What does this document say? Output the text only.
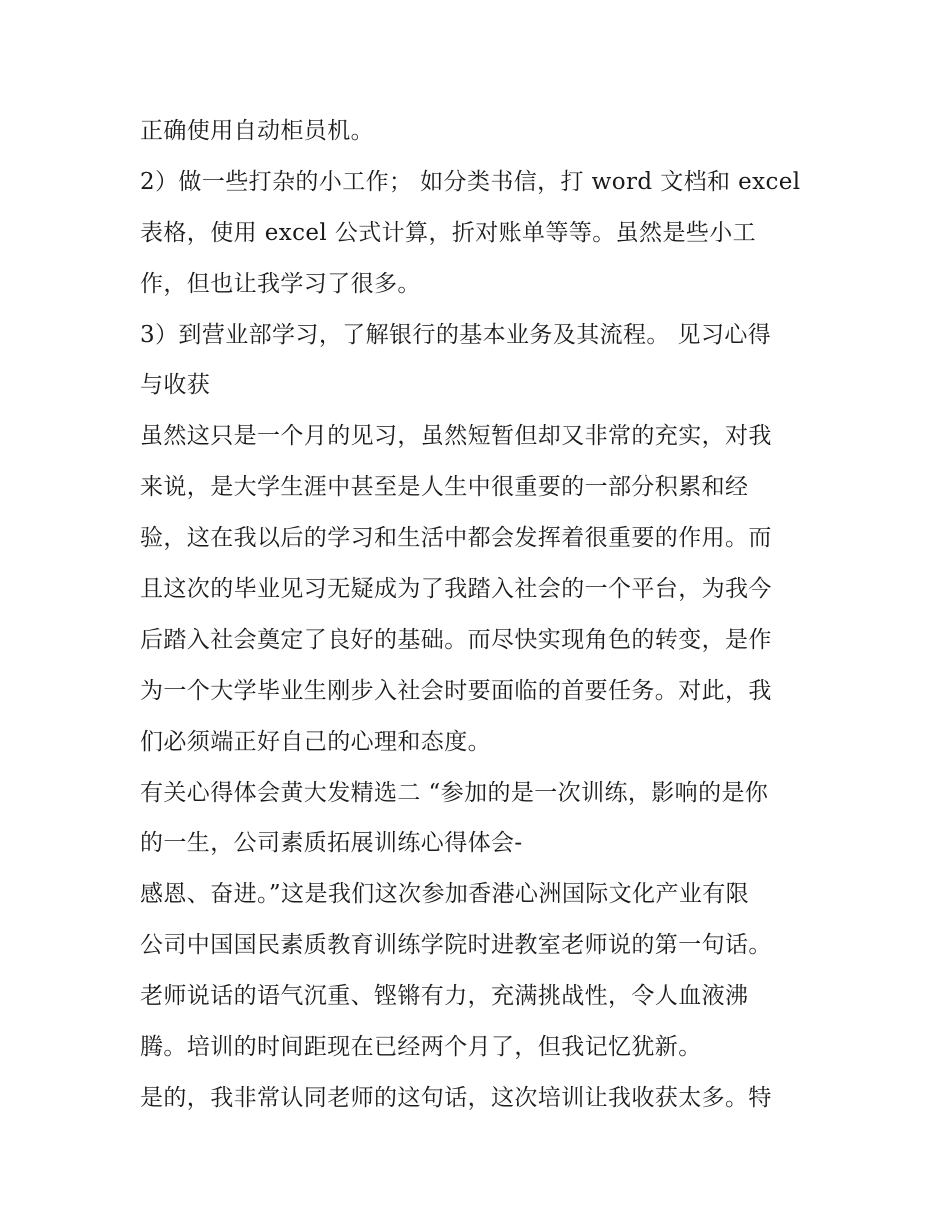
正确使用自动柜员机。
2）做一些打杂的小工作； 如分类书信，打 word 文档和 excel
表格，使用 excel 公式计算，折对账单等等。虽然是些小工
作，但也让我学习了很多。
3）到营业部学习，了解银行的基本业务及其流程。 见习心得
与收获
虽然这只是一个月的见习，虽然短暂但却又非常的充实，对我
来说，是大学生涯中甚至是人生中很重要的一部分积累和经
验，这在我以后的学习和生活中都会发挥着很重要的作用。而
且这次的毕业见习无疑成为了我踏入社会的一个平台，为我今
后踏入社会奠定了良好的基础。而尽快实现角色的转变，是作
为一个大学毕业生刚步入社会时要面临的首要任务。对此，我
们必须端正好自己的心理和态度。
有关心得体会黄大发精选二 “参加的是一次训练，影响的是你
的一生，公司素质拓展训练心得体会-
感恩、奋进。”这是我们这次参加香港心洲国际文化产业有限
公司中国国民素质教育训练学院时进教室老师说的第一句话。
老师说话的语气沉重、铿锵有力，充满挑战性，令人血液沸
腾。培训的时间距现在已经两个月了，但我记忆犹新。
是的，我非常认同老师的这句话，这次培训让我收获太多。特
